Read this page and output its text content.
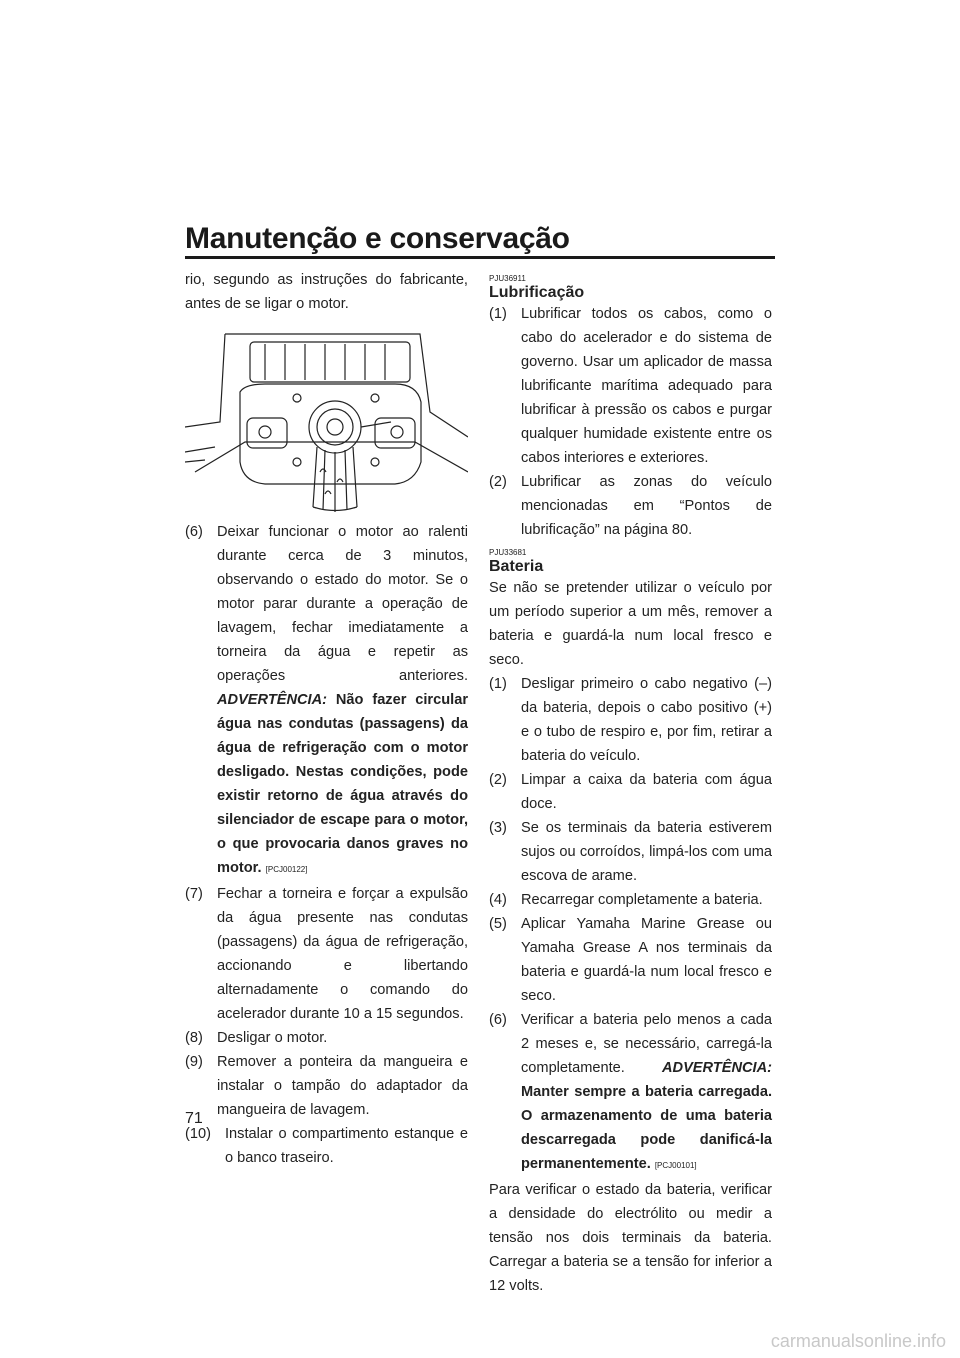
Manutenção e conservação

rio, segundo as instruções do fabricante, antes de se ligar o motor.

(6) Deixar funcionar o motor ao ralenti durante cerca de 3 minutos, observando o estado do motor. Se o motor parar durante a operação de lavagem, fechar imediatamente a torneira da água e repetir as operações anteriores. ADVERTÊNCIA: Não fazer circular água nas condutas (passagens) da água de refrigeração com o motor desligado. Nestas condições, pode existir retorno de água através do silenciador de escape para o motor, o que provocaria danos graves no motor. [PCJ00122]
(7) Fechar a torneira e forçar a expulsão da água presente nas condutas (passagens) da água de refrigeração, accionando e libertando alternadamente o comando do acelerador durante 10 a 15 segundos.
(8) Desligar o motor.
(9) Remover a ponteira da mangueira e instalar o tampão do adaptador da mangueira de lavagem.
(10) Instalar o compartimento estanque e o banco traseiro.
PJU36911
Lubrificação
(1) Lubrificar todos os cabos, como o cabo do acelerador e do sistema de governo. Usar um aplicador de massa lubrificante marítima adequado para lubrificar à pressão os cabos e purgar qualquer humidade existente entre os cabos interiores e exteriores.
(2) Lubrificar as zonas do veículo mencionadas em “Pontos de lubrificação” na página 80.
PJU33681
Bateria

Se não se pretender utilizar o veículo por um período superior a um mês, remover a bateria e guardá-la num local fresco e seco.

(1) Desligar primeiro o cabo negativo (–) da bateria, depois o cabo positivo (+) e o tubo de respiro e, por fim, retirar a bateria do veículo.
(2) Limpar a caixa da bateria com água doce.
(3) Se os terminais da bateria estiverem sujos ou corroídos, limpá-los com uma escova de arame.
(4) Recarregar completamente a bateria.
(5) Aplicar Yamaha Marine Grease ou Yamaha Grease A nos terminais da bateria e guardá-la num local fresco e seco.
(6) Verificar a bateria pelo menos a cada 2 meses e, se necessário, carregá-la completamente.	ADVERTÊNCIA: Manter sempre a bateria carregada. O armazenamento de uma bateria descarregada pode danificá-la permanentemente. [PCJ00101]

Para verificar o estado da bateria, verificar a densidade do electrólito ou medir a tensão nos dois terminais da bateria. Carregar a bateria se a tensão for inferior a 12 volts.

71
carmanualsonline.info
